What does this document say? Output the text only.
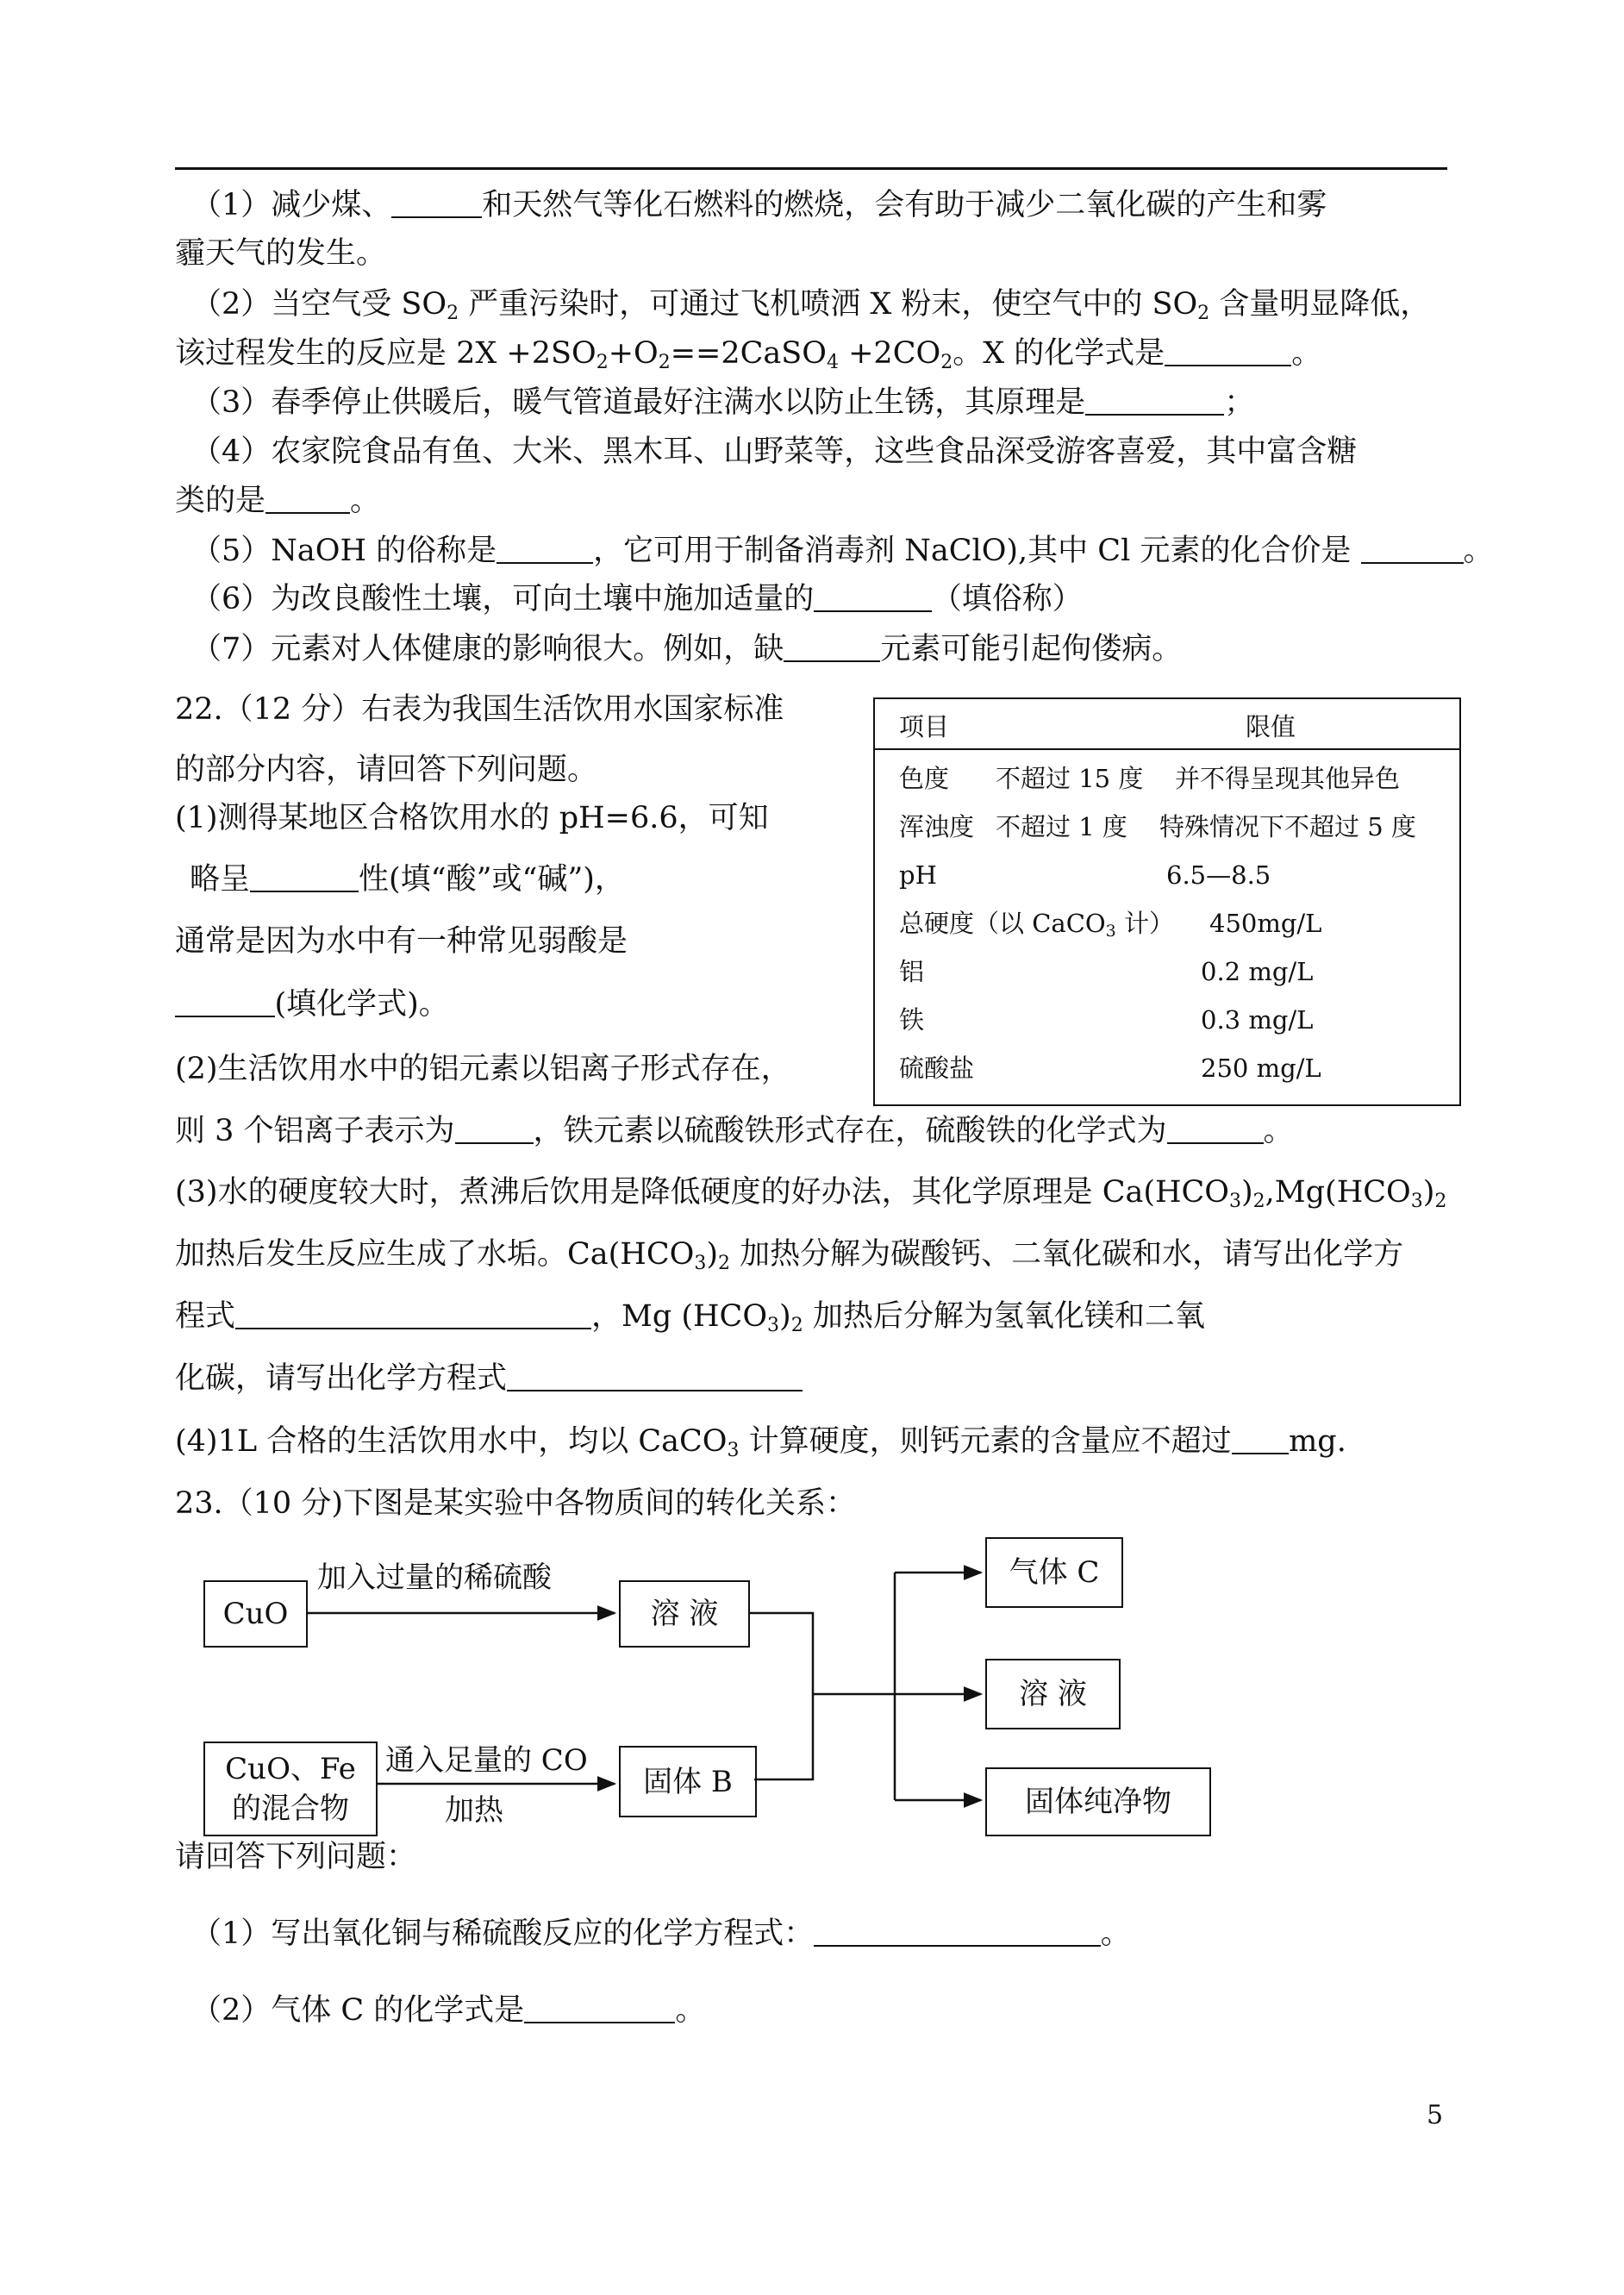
（1）减少煤、	和天然气等化石燃料的燃烧，会有助于减少二氧化碳的产生和雾
霾天气的发生。
（2）当空气受 $SO_2$ 严重污染时，可通过飞机喷洒 X 粉末，使空气中的 $SO_2$ 含量明显降低，
该过程发生的反应是 $2X +2SO_2+O_2==2CaSO_4 +2CO_2$。X 的化学式是	。
（3）春季停止供暖后，暖气管道最好注满水以防止生锈，其原理是	；
（4）农家院食品有鱼、大米、黑木耳、山野菜等，这些食品深受游客喜爱，其中富含糖
类的是	。
（5）NaOH 的俗称是	，它可用于制备消毒剂 NaClO),其中 Cl 元素的化合价是	。
（6）为改良酸性土壤，可向土壤中施加适量的	（填俗称）
（7）元素对人体健康的影响很大。例如，缺	元素可能引起佝偻病。
22.（12 分）右表为我国生活饮用水国家标准
的部分内容，请回答下列问题。
(1)测得某地区合格饮用水的 pH=6.6，可知
略呈	性(填“酸”或“碱”)，
通常是因为水中有一种常见弱酸是
(填化学式)。
(2)生活饮用水中的铝元素以铝离子形式存在，
则 3 个铝离子表示为	，铁元素以硫酸铁形式存在，硫酸铁的化学式为	。
(3)水的硬度较大时，煮沸后饮用是降低硬度的好办法，其化学原理是 $Ca(HCO_3)_2,Mg(HCO_3)_2$
加热后发生反应生成了水垢。$Ca(HCO_3)_2$ 加热分解为碳酸钙、二氧化碳和水，请写出化学方
程式	，Mg $(HCO_3)_2$ 加热后分解为氢氧化镁和二氧
化碳，请写出化学方程式
(4)1L 合格的生活饮用水中，均以 CaCO$_3$ 计算硬度，则钙元素的含量应不超过 mg.
23.（10 分)下图是某实验中各物质间的转化关系：
请回答下列问题：
（1）写出氧化铜与稀硫酸反应的化学方程式：	。
（2）气体 C 的化学式是	。
项目	限值
色度 不超过 15 度 并不得呈现其他异色
浑浊度 不超过 1 度 特殊情况下不超过 5 度
pH	6.5—8.5
总硬度（以 CaCO$_3$ 计） 450mg/L
铝	0.2 mg/L
铁	0.3 mg/L
硫酸盐	250 mg/L
CuO	溶 液
CuO、Fe
的混合物
固体 B
气体 C
溶 液
固体纯净物
加入过量的稀硫酸
通入足量的 CO
加热
5
